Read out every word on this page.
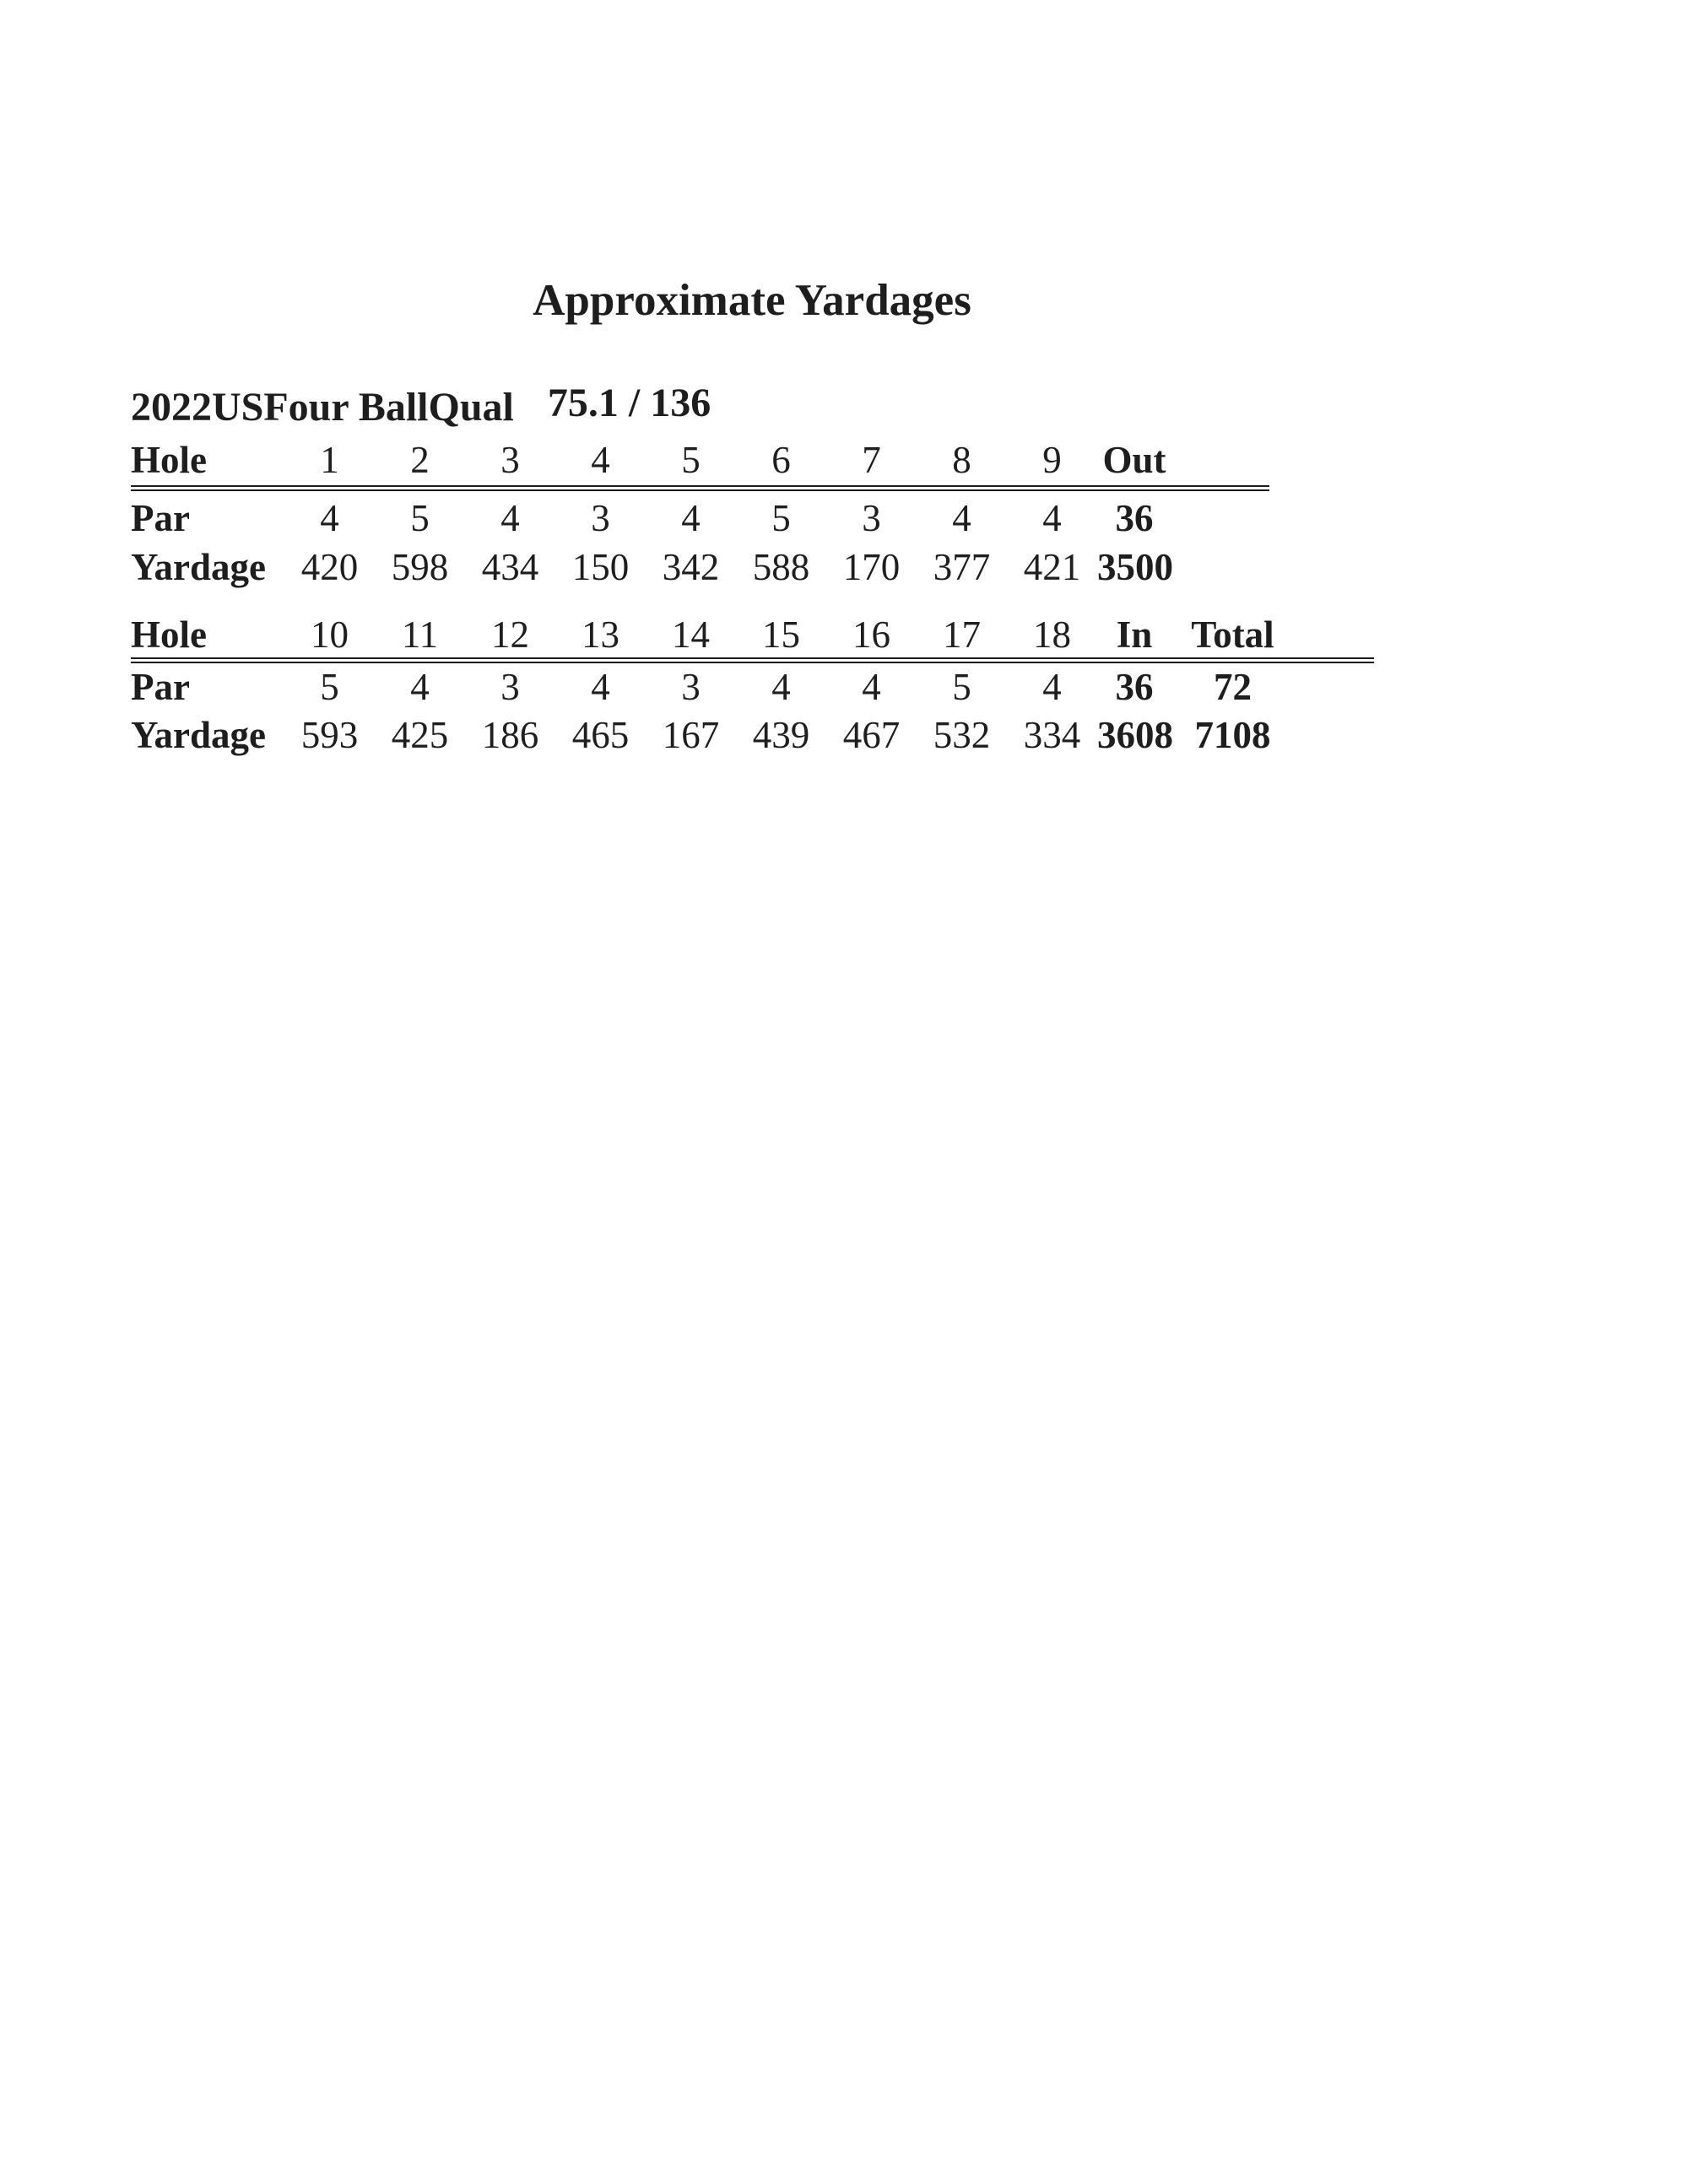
Approximate Yardages
2022USFour BallQual 75.1 / 136
Hole	1	2	3	4	5	6	7	8	9	Out
Par	4	5	4	3	4	5	3	4	4	36
Yardage 420 598 434 150 342 588 170 377 421 3500
Hole	10	11	12	13	14	15	16	17	18	In	Total
Par	5	4	3	4	3	4	4	5	4	36	72
Yardage 593 425 186 465 167 439 467 532 334 3608 7108
